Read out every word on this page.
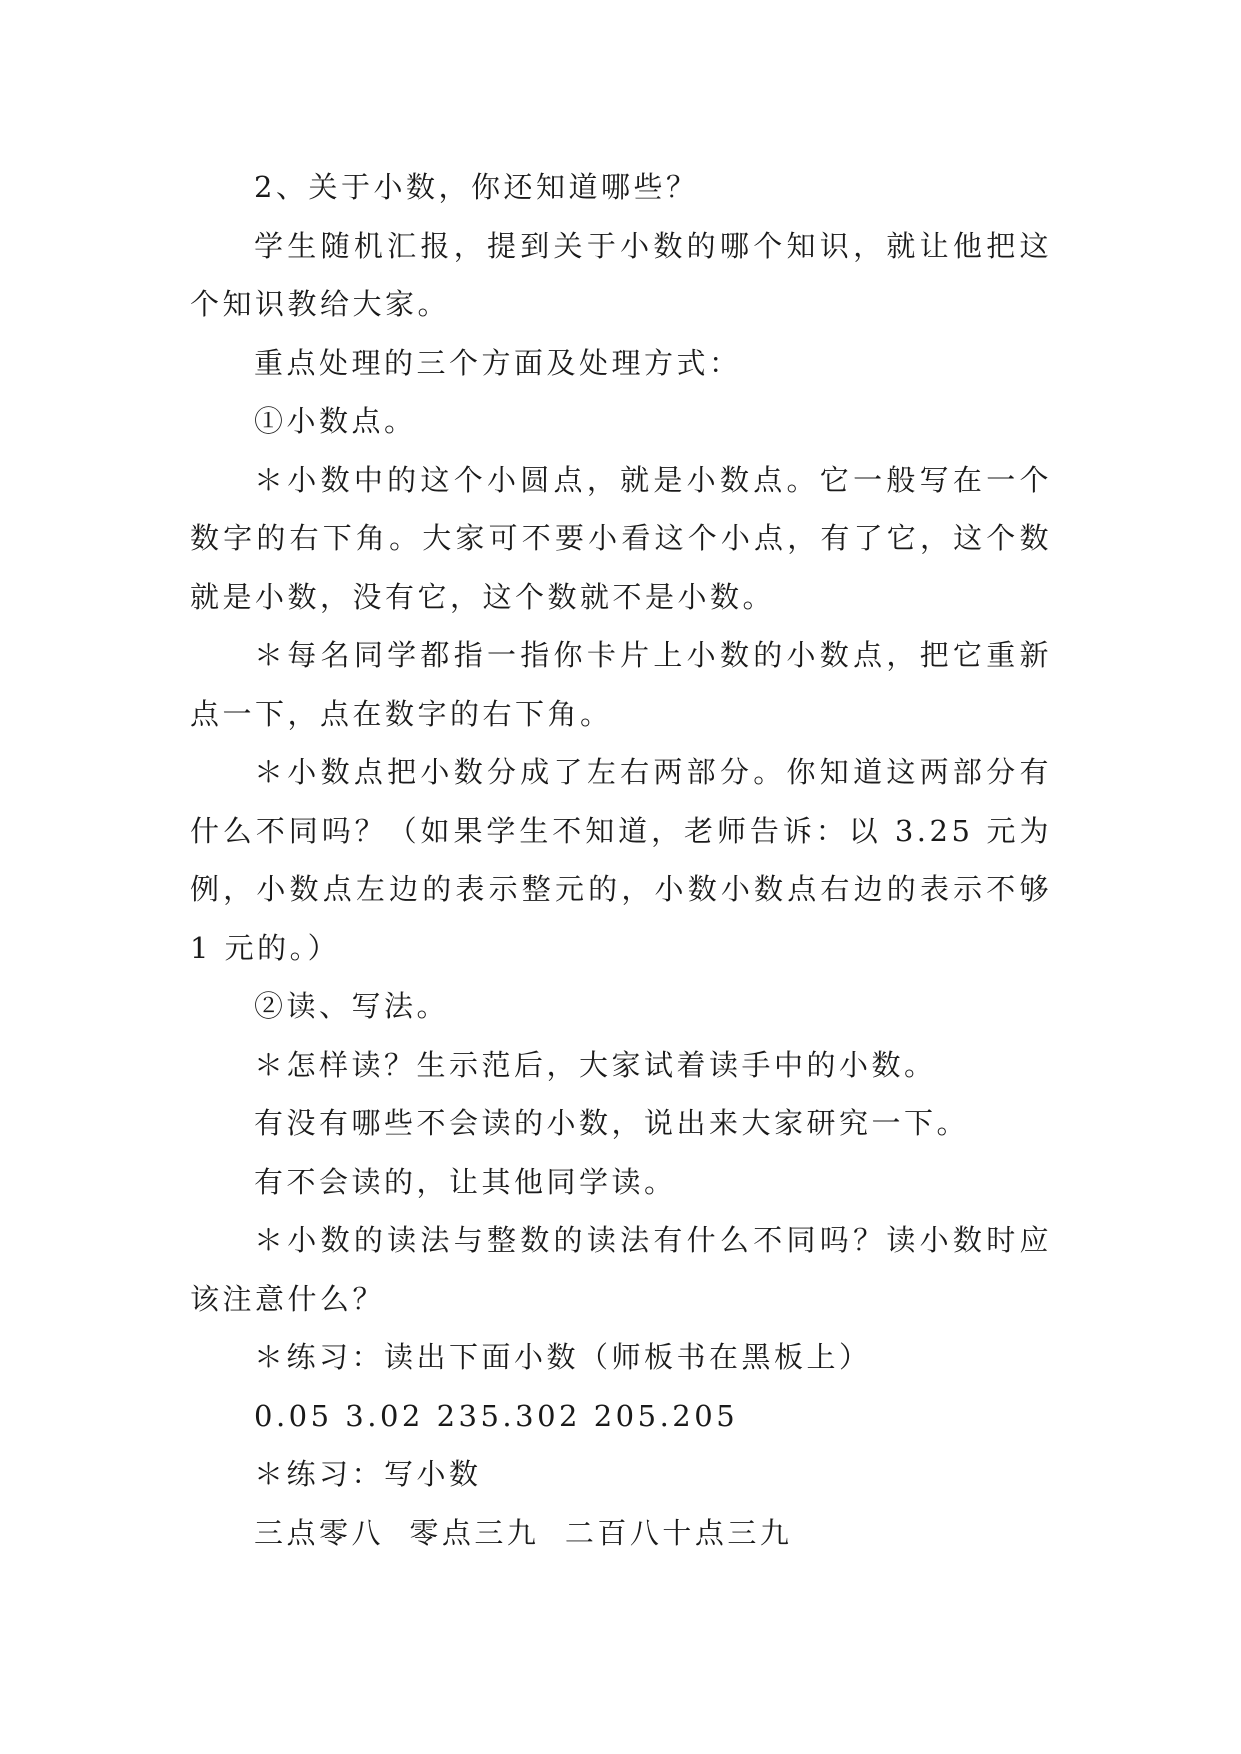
2、关于小数，你还知道哪些？

学生随机汇报，提到关于小数的哪个知识，就让他把这个知识教给大家。

重点处理的三个方面及处理方式：

①小数点。

＊小数中的这个小圆点，就是小数点。它一般写在一个数字的右下角。大家可不要小看这个小点，有了它，这个数就是小数，没有它，这个数就不是小数。

＊每名同学都指一指你卡片上小数的小数点，把它重新点一下，点在数字的右下角。

＊小数点把小数分成了左右两部分。你知道这两部分有什么不同吗？（如果学生不知道，老师告诉：以 3.25 元为例，小数点左边的表示整元的，小数小数点右边的表示不够 1 元的。）

②读、写法。

＊怎样读？生示范后，大家试着读手中的小数。

有没有哪些不会读的小数，说出来大家研究一下。

有不会读的，让其他同学读。

＊小数的读法与整数的读法有什么不同吗？读小数时应该注意什么？

＊练习：读出下面小数（师板书在黑板上）

0.05 3.02 235.302 205.205

＊练习：写小数

三点零八  零点三九  二百八十点三九
